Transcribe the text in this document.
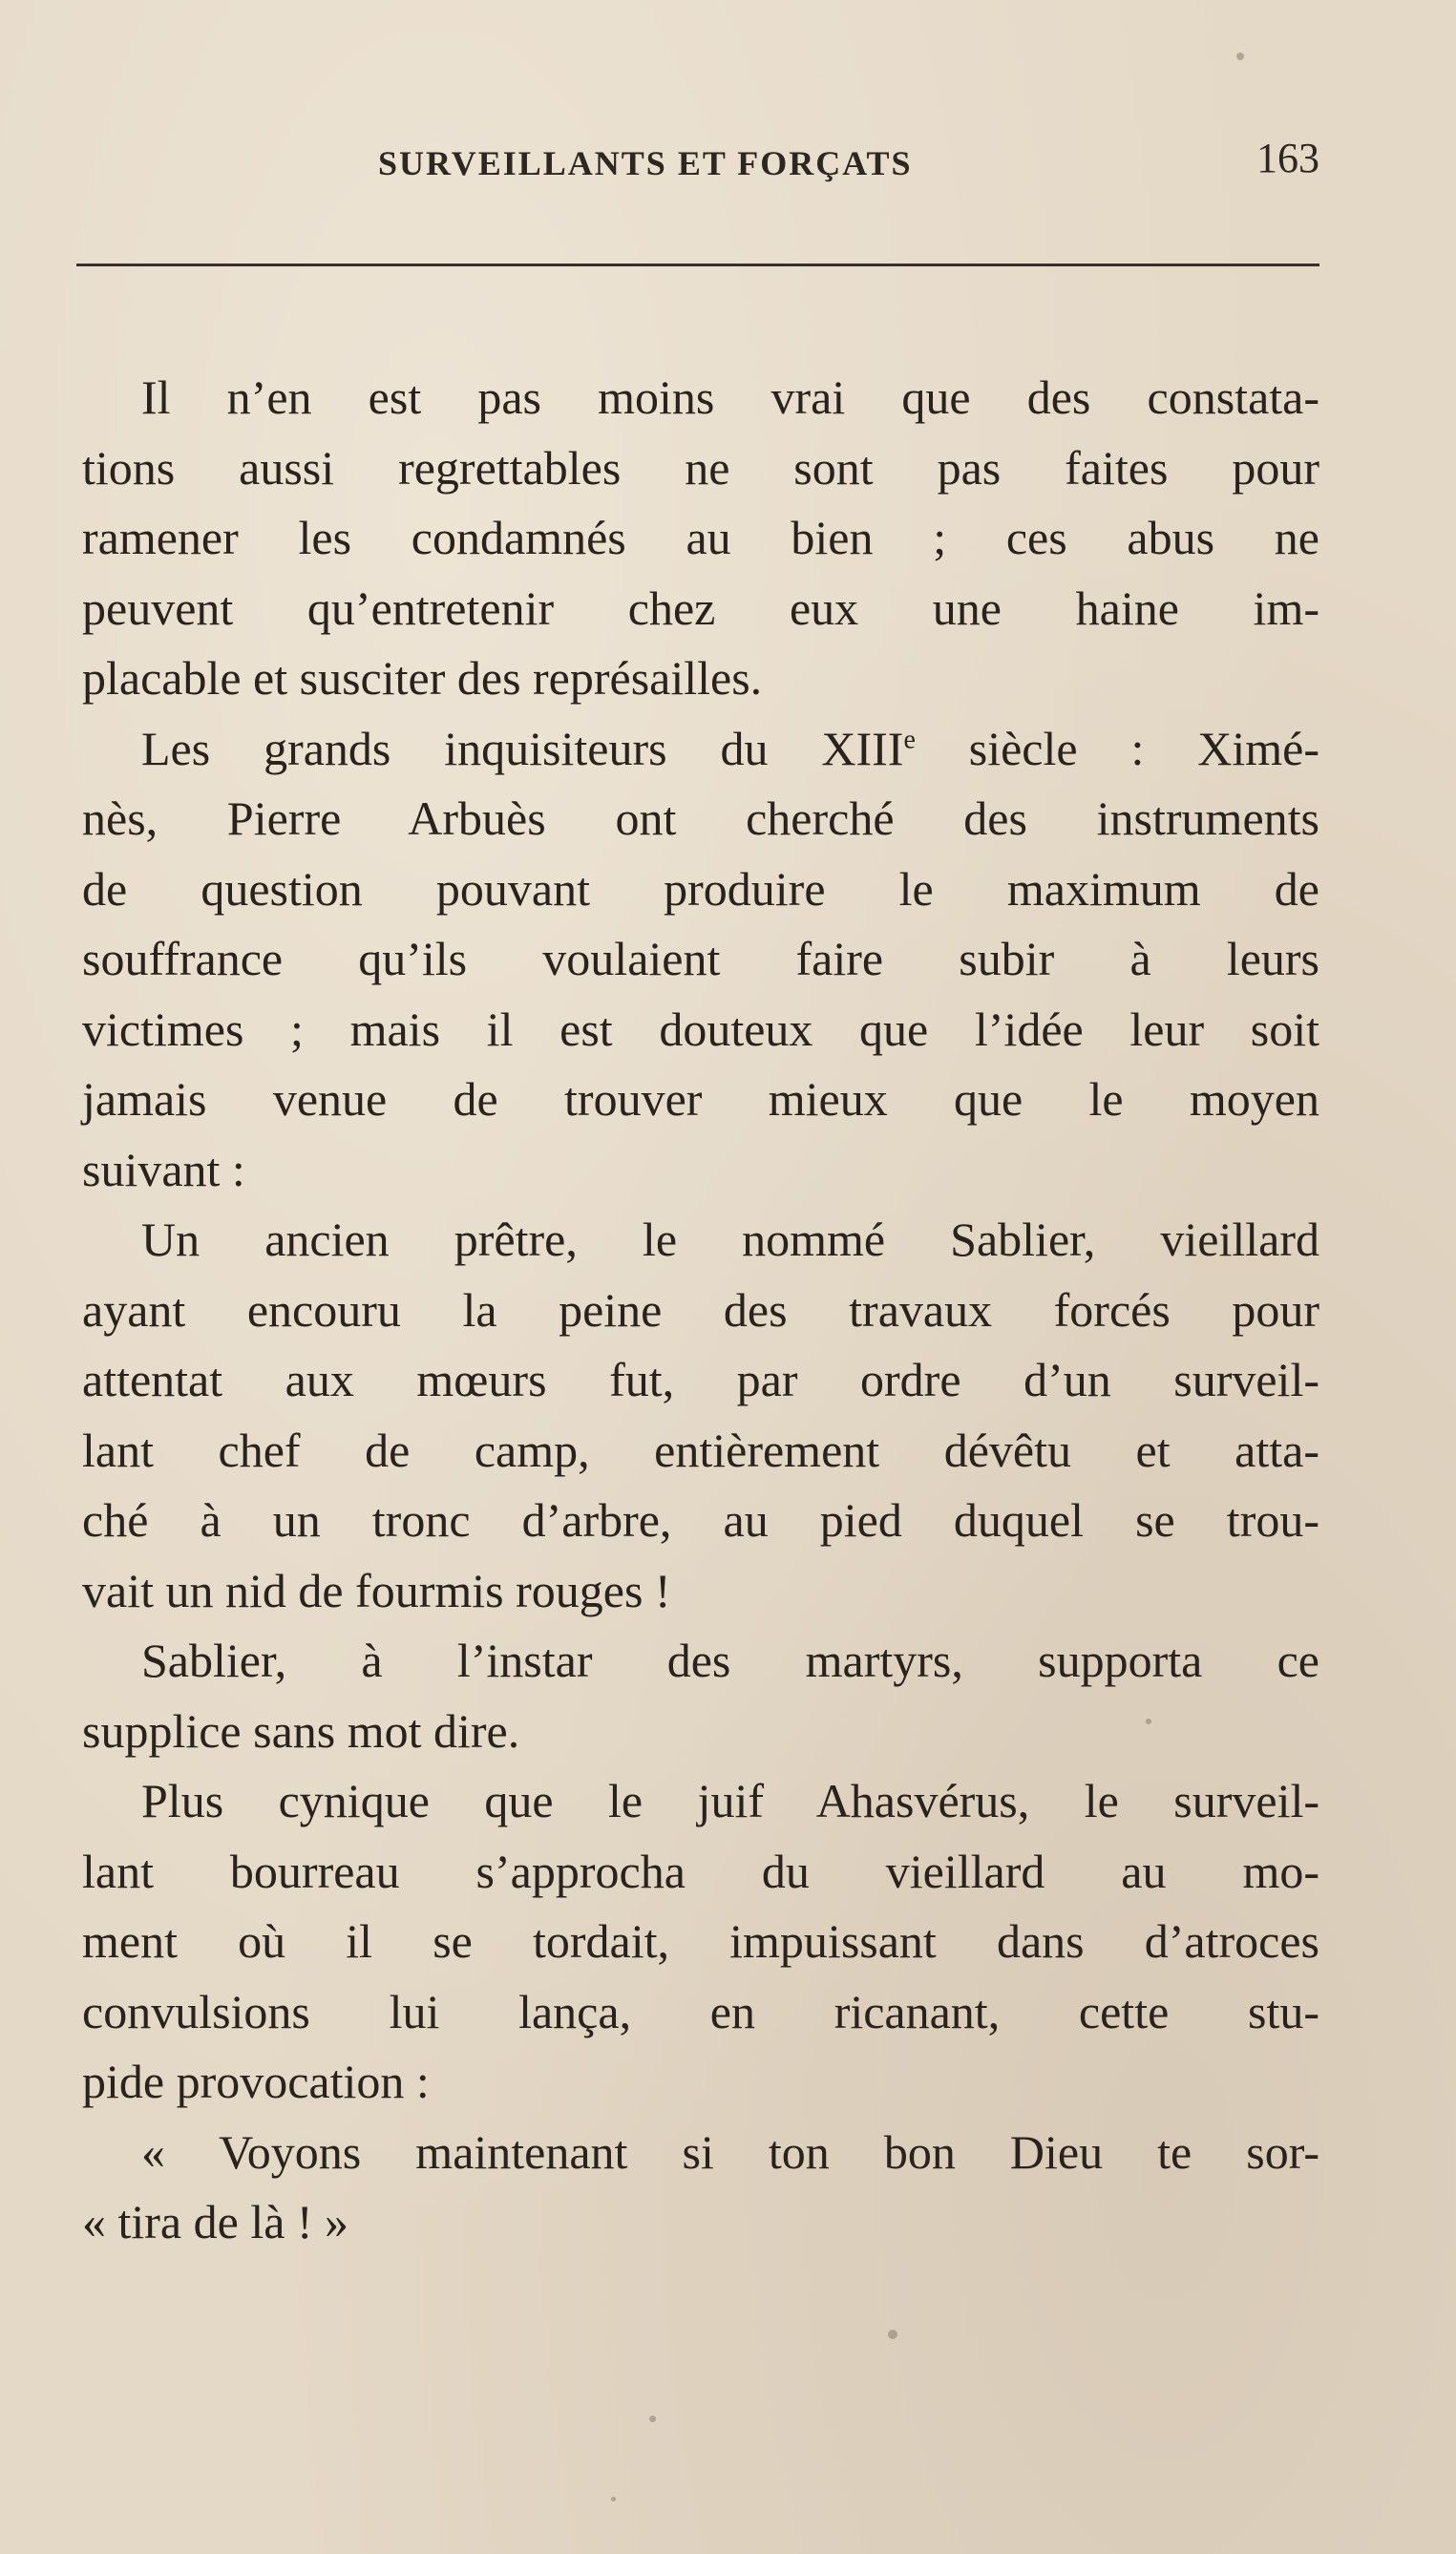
SURVEILLANTS ET FORÇATS	163
Il n’en est pas moins vrai que des constata-
tions aussi regrettables ne sont pas faites pour
ramener les condamnés au bien ; ces abus ne
peuvent qu’entretenir chez eux une haine im-
placable et susciter des représailles.
Les grands inquisiteurs du XIIIe siècle : Ximé-
nès, Pierre Arbuès ont cherché des instruments
de question pouvant produire le maximum de
souffrance qu’ils voulaient faire subir à leurs
victimes ; mais il est douteux que l’idée leur soit
jamais venue de trouver mieux que le moyen
suivant :
Un ancien prêtre, le nommé Sablier, vieillard
ayant encouru la peine des travaux forcés pour
attentat aux mœurs fut, par ordre d’un surveil-
lant chef de camp, entièrement dévêtu et atta-
ché à un tronc d’arbre, au pied duquel se trou-
vait un nid de fourmis rouges !
Sablier, à l’instar des martyrs, supporta ce
supplice sans mot dire.
Plus cynique que le juif Ahasvérus, le surveil-
lant bourreau s’approcha du vieillard au mo-
ment où il se tordait, impuissant dans d’atroces
convulsions lui lança, en ricanant, cette stu-
pide provocation :
« Voyons maintenant si ton bon Dieu te sor-
« tira de là ! »
